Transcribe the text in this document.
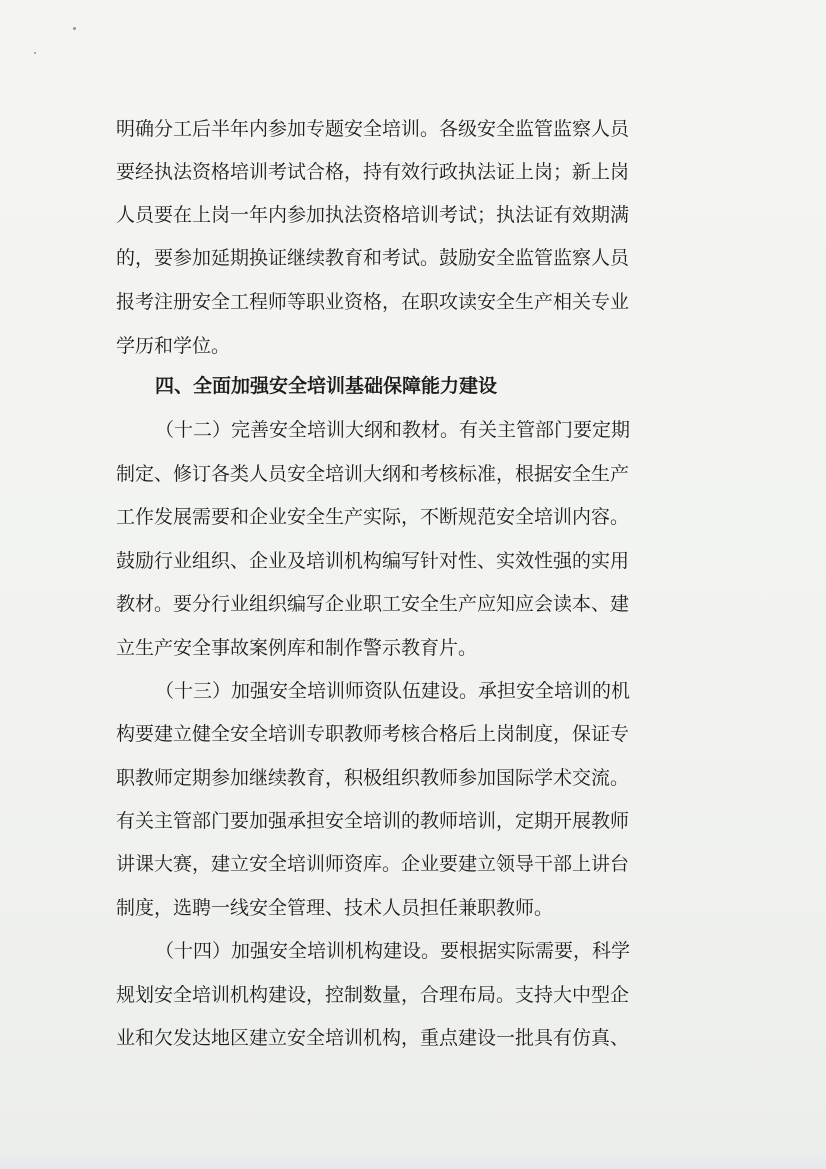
明确分工后半年内参加专题安全培训。各级安全监管监察人员
要经执法资格培训考试合格，持有效行政执法证上岗；新上岗
人员要在上岗一年内参加执法资格培训考试；执法证有效期满
的，要参加延期换证继续教育和考试。鼓励安全监管监察人员
报考注册安全工程师等职业资格，在职攻读安全生产相关专业
学历和学位。
四、全面加强安全培训基础保障能力建设
（十二）完善安全培训大纲和教材。有关主管部门要定期
制定、修订各类人员安全培训大纲和考核标准，根据安全生产
工作发展需要和企业安全生产实际，不断规范安全培训内容。
鼓励行业组织、企业及培训机构编写针对性、实效性强的实用
教材。要分行业组织编写企业职工安全生产应知应会读本、建
立生产安全事故案例库和制作警示教育片。
（十三）加强安全培训师资队伍建设。承担安全培训的机
构要建立健全安全培训专职教师考核合格后上岗制度，保证专
职教师定期参加继续教育，积极组织教师参加国际学术交流。
有关主管部门要加强承担安全培训的教师培训，定期开展教师
讲课大赛，建立安全培训师资库。企业要建立领导干部上讲台
制度，选聘一线安全管理、技术人员担任兼职教师。
（十四）加强安全培训机构建设。要根据实际需要，科学
规划安全培训机构建设，控制数量，合理布局。支持大中型企
业和欠发达地区建立安全培训机构，重点建设一批具有仿真、
